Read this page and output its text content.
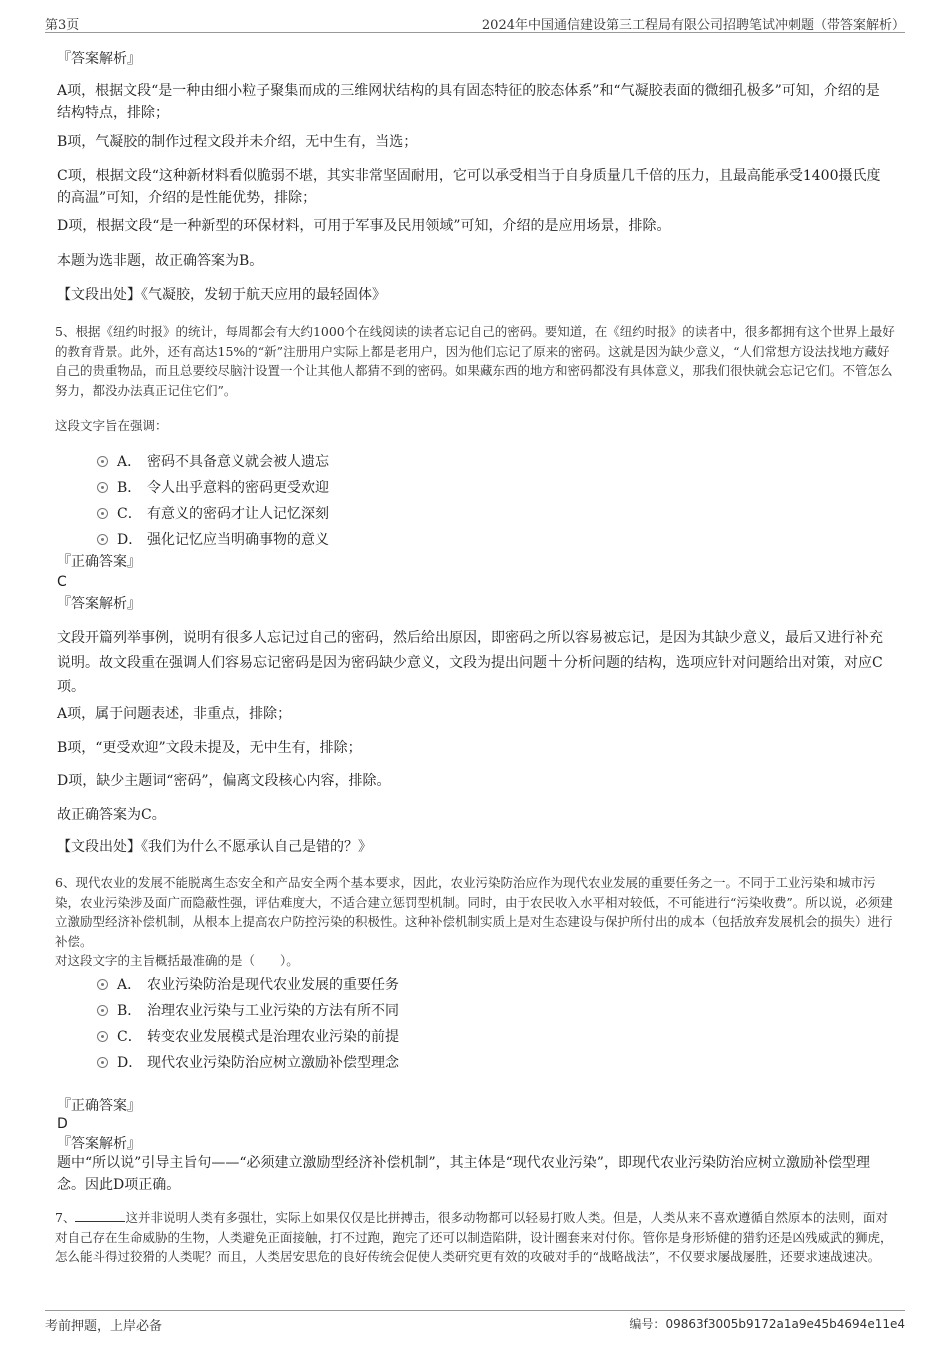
第3页	2024年中国通信建设第三工程局有限公司招聘笔试冲刺题（带答案解析）
『答案解析』
A项，根据文段“是一种由细小粒子聚集而成的三维网状结构的具有固态特征的胶态体系”和“气凝胶表面的微细孔极多”可知，介绍的是结构特点，排除；
B项，气凝胶的制作过程文段并未介绍，无中生有，当选；
C项，根据文段“这种新材料看似脆弱不堪，其实非常坚固耐用，它可以承受相当于自身质量几千倍的压力，且最高能承受1400摄氏度的高温”可知，介绍的是性能优势，排除；
D项，根据文段“是一种新型的环保材料，可用于军事及民用领域”可知，介绍的是应用场景，排除。
本题为选非题，故正确答案为B。
【文段出处】《气凝胶，发轫于航天应用的最轻固体》
5、根据《纽约时报》的统计，每周都会有大约1000个在线阅读的读者忘记自己的密码。要知道，在《纽约时报》的读者中，很多都拥有这个世界上最好的教育背景。此外，还有高达15%的“新”注册用户实际上都是老用户，因为他们忘记了原来的密码。这就是因为缺少意义，“人们常想方设法找地方藏好自己的贵重物品，而且总要绞尽脑汁设置一个让其他人都猜不到的密码。如果藏东西的地方和密码都没有具体意义，那我们很快就会忘记它们。不管怎么努力，都没办法真正记住它们”。
这段文字旨在强调：
A． 密码不具备意义就会被人遗忘
B． 令人出乎意料的密码更受欢迎
C． 有意义的密码才让人记忆深刻
D． 强化记忆应当明确事物的意义
『正确答案』
C
『答案解析』
文段开篇列举事例，说明有很多人忘记过自己的密码，然后给出原因，即密码之所以容易被忘记，是因为其缺少意义，最后又进行补充说明。故文段重在强调人们容易忘记密码是因为密码缺少意义，文段为提出问题＋分析问题的结构，选项应针对问题给出对策，对应C项。
A项，属于问题表述，非重点，排除；
B项，“更受欢迎”文段未提及，无中生有，排除；
D项，缺少主题词“密码”，偏离文段核心内容，排除。
故正确答案为C。
【文段出处】《我们为什么不愿承认自己是错的？》
6、现代农业的发展不能脱离生态安全和产品安全两个基本要求，因此，农业污染防治应作为现代农业发展的重要任务之一。不同于工业污染和城市污染，农业污染涉及面广而隐蔽性强，评估难度大，不适合建立惩罚型机制。同时，由于农民收入水平相对较低，不可能进行“污染收费”。所以说，必须建立激励型经济补偿机制，从根本上提高农户防控污染的积极性。这种补偿机制实质上是对生态建设与保护所付出的成本（包括放弃发展机会的损失）进行补偿。
对这段文字的主旨概括最准确的是（　　）。
A． 农业污染防治是现代农业发展的重要任务
B． 治理农业污染与工业污染的方法有所不同
C． 转变农业发展模式是治理农业污染的前提
D． 现代农业污染防治应树立激励补偿型理念
『正确答案』
D
『答案解析』
题中“所以说”引导主旨句——“必须建立激励型经济补偿机制”，其主体是“现代农业污染”，即现代农业污染防治应树立激励补偿型理念。因此D项正确。
7、	这并非说明人类有多强壮，实际上如果仅仅是比拼搏击，很多动物都可以轻易打败人类。但是，人类从来不喜欢遵循自然原本的法则，面对对自己存在生命威胁的生物，人类避免正面接触，打不过跑，跑完了还可以制造陷阱，设计圈套来对付你。管你是身形矫健的猎豹还是凶残威武的狮虎，怎么能斗得过狡猾的人类呢？而且，人类居安思危的良好传统会促使人类研究更有效的攻破对手的“战略战法”，不仅要求屡战屡胜，还要求速战速决。
考前押题，上岸必备	编号：09863f3005b9172a1a9e45b4694e11e4
